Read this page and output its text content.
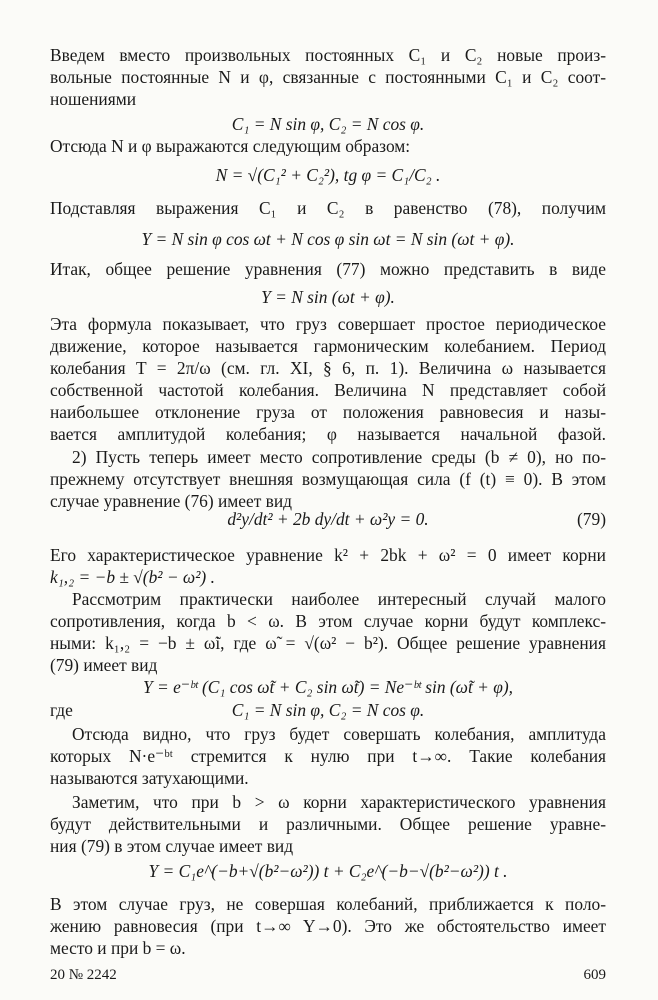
Введем вместо произвольных постоянных C₁ и C₂ новые произ-
вольные постоянные N и φ, связанные с постоянными C₁ и C₂ соот-
ношениями
C₁ = N sin φ, C₂ = N cos φ.
Отсюда N и φ выражаются следующим образом:
N = √(C₁² + C₂²), tg φ = C₁/C₂ .
Подставляя выражения C₁ и C₂ в равенство (78), получим
Y = N sin φ cos ωt + N cos φ sin ωt = N sin (ωt + φ).
Итак, общее решение уравнения (77) можно представить в виде
Y = N sin (ωt + φ).
Эта формула показывает, что груз совершает простое периодическое
движение, которое называется гармоническим колебанием. Период
колебания T = 2π/ω (см. гл. XI, § 6, п. 1). Величина ω называется
собственной частотой колебания. Величина N представляет собой
наибольшее отклонение груза от положения равновесия и назы-
вается амплитудой колебания; φ называется начальной фазой.
2) Пусть теперь имеет место сопротивление среды (b ≠ 0), но по-
прежнему отсутствует внешняя возмущающая сила (f (t) ≡ 0). В этом
случае уравнение (76) имеет вид
d²y/dt² + 2b dy/dt + ω²y = 0.	(79)
Его характеристическое уравнение k² + 2bk + ω² = 0 имеет корни
k₁,₂ = −b ± √(b² − ω²) .
Рассмотрим практически наиболее интересный случай малого
сопротивления, когда b < ω. В этом случае корни будут комплекс-
ными: k₁,₂ = −b ± ω̃i, где ω̃ = √(ω² − b²). Общее решение уравнения
(79) имеет вид
Y = e⁻ᵇᵗ (C₁ cos ω̃t + C₂ sin ω̃t) = Ne⁻ᵇᵗ sin (ω̃t + φ),
где	C₁ = N sin φ, C₂ = N cos φ.
Отсюда видно, что груз будет совершать колебания, амплитуда
которых N·e⁻ᵇᵗ стремится к нулю при t→∞. Такие колебания
называются затухающими.
Заметим, что при b > ω корни характеристического уравнения
будут действительными и различными. Общее решение уравне-
ния (79) в этом случае имеет вид
Y = C₁e^(−b+√(b²−ω²)) t + C₂e^(−b−√(b²−ω²)) t .
В этом случае груз, не совершая колебаний, приближается к поло-
жению равновесия (при t→∞ Y→0). Это же обстоятельство имеет
место и при b = ω.
20 № 2242	609
